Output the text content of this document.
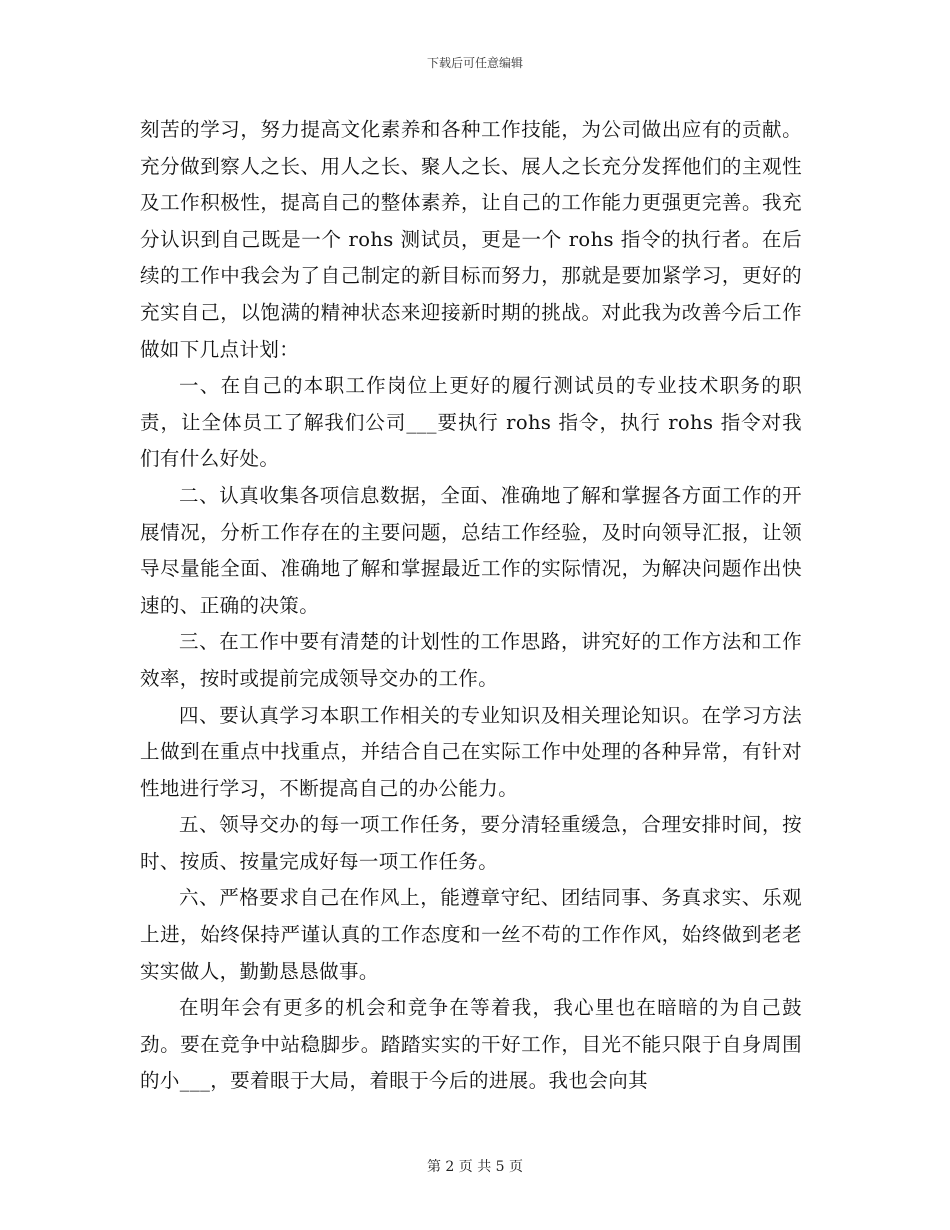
下载后可任意编辑

刻苦的学习，努力提高文化素养和各种工作技能，为公司做出应有的贡献。充分做到察人之长、用人之长、聚人之长、展人之长充分发挥他们的主观性及工作积极性，提高自己的整体素养，让自己的工作能力更强更完善。我充分认识到自己既是一个 rohs 测试员，更是一个 rohs 指令的执行者。在后续的工作中我会为了自己制定的新目标而努力，那就是要加紧学习，更好的充实自己，以饱满的精神状态来迎接新时期的挑战。对此我为改善今后工作做如下几点计划：

一、在自己的本职工作岗位上更好的履行测试员的专业技术职务的职责，让全体员工了解我们公司___要执行 rohs 指令，执行 rohs 指令对我们有什么好处。

二、认真收集各项信息数据，全面、准确地了解和掌握各方面工作的开展情况，分析工作存在的主要问题，总结工作经验，及时向领导汇报，让领导尽量能全面、准确地了解和掌握最近工作的实际情况，为解决问题作出快速的、正确的决策。

三、在工作中要有清楚的计划性的工作思路，讲究好的工作方法和工作效率，按时或提前完成领导交办的工作。

四、要认真学习本职工作相关的专业知识及相关理论知识。在学习方法上做到在重点中找重点，并结合自己在实际工作中处理的各种异常，有针对性地进行学习，不断提高自己的办公能力。

五、领导交办的每一项工作任务，要分清轻重缓急，合理安排时间，按时、按质、按量完成好每一项工作任务。

六、严格要求自己在作风上，能遵章守纪、团结同事、务真求实、乐观上进，始终保持严谨认真的工作态度和一丝不苟的工作作风，始终做到老老实实做人，勤勤恳恳做事。

在明年会有更多的机会和竞争在等着我，我心里也在暗暗的为自己鼓劲。要在竞争中站稳脚步。踏踏实实的干好工作，目光不能只限于自身周围的小___，要着眼于大局，着眼于今后的进展。我也会向其

第 2 页 共 5 页
